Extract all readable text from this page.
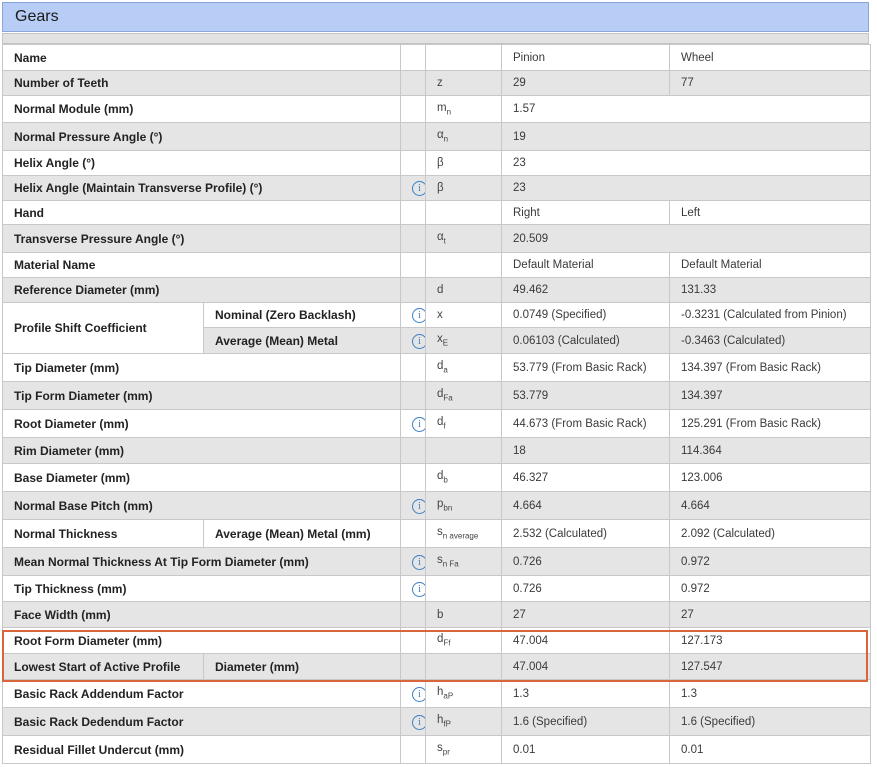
Gears
Name				Pinion	Wheel
Number of Teeth			z	29	77
Normal Module (mm)			$m_n$	1.57	
Normal Pressure Angle (°)			$\alpha_n$	19	
Helix Angle (°)			β	23	
Helix Angle (Maintain Transverse Profile) (°)		i	β	23	
Hand				Right	Left
Transverse Pressure Angle (°)			$\alpha_t$	20.509	
Material Name				Default Material	Default Material
Reference Diameter (mm)			d	49.462	131.33
Profile Shift Coefficient	Nominal (Zero Backlash)	i	x	0.0749 (Specified)	-0.3231 (Calculated from Pinion)
	Average (Mean) Metal	i	$x_E$	0.06103 (Calculated)	-0.3463 (Calculated)
Tip Diameter (mm)			$d_a$	53.779 (From Basic Rack)	134.397 (From Basic Rack)
Tip Form Diameter (mm)			$d_{Fa}$	53.779	134.397
Root Diameter (mm)		i	$d_f$	44.673 (From Basic Rack)	125.291 (From Basic Rack)
Rim Diameter (mm)				18	114.364
Base Diameter (mm)			$d_b$	46.327	123.006
Normal Base Pitch (mm)		i	$p_{bn}$	4.664	4.664
Normal Thickness	Average (Mean) Metal (mm)		$s_{n average}$	2.532 (Calculated)	2.092 (Calculated)
Mean Normal Thickness At Tip Form Diameter (mm)		i	$s_{n Fa}$	0.726	0.972
Tip Thickness (mm)		i		0.726	0.972
Face Width (mm)			b	27	27
Root Form Diameter (mm)			$d_{Ff}$	47.004	127.173
Lowest Start of Active Profile	Diameter (mm)			47.004	127.547
Basic Rack Addendum Factor		i	$h_{aP}$	1.3	1.3
Basic Rack Dedendum Factor		i	$h_{fP}$	1.6 (Specified)	1.6 (Specified)
Residual Fillet Undercut (mm)			$s_{pr}$	0.01	0.01
